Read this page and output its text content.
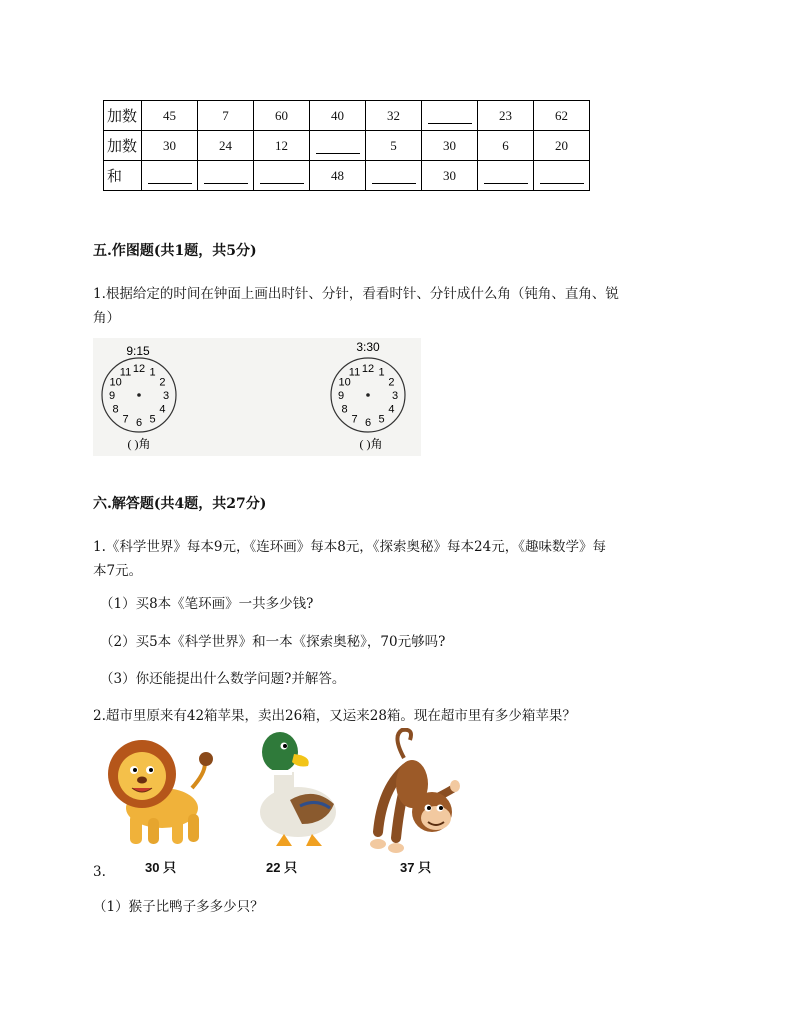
加数	45	7	60	40	32		23	62
加数	30	24	12		5	30	6	20
和				48		30		
五.作图题(共1题，共5分)
1.根据给定的时间在钟面上画出时针、分针，看看时针、分针成什么角（钝角、直角、锐
角）
9:15
12 1
2
3
4
5
6
7
8
9
10
11
( )角
3:30
12 1
2
3
4
5
6
7
8
9
10
11
( )角
六.解答题(共4题，共27分)
1.《科学世界》每本9元，《连环画》每本8元，《探索奥秘》每本24元，《趣味数学》每
本7元。
（1）买8本《笔环画》一共多少钱?
（2）买5本《科学世界》和一本《探索奥秘》，70元够吗?
（3）你还能提出什么数学问题?并解答。
2.超市里原来有42箱苹果，卖出26箱，又运来28箱。现在超市里有多少箱苹果？
30 只	22 只	37 只
3.
（1）猴子比鸭子多多少只？
